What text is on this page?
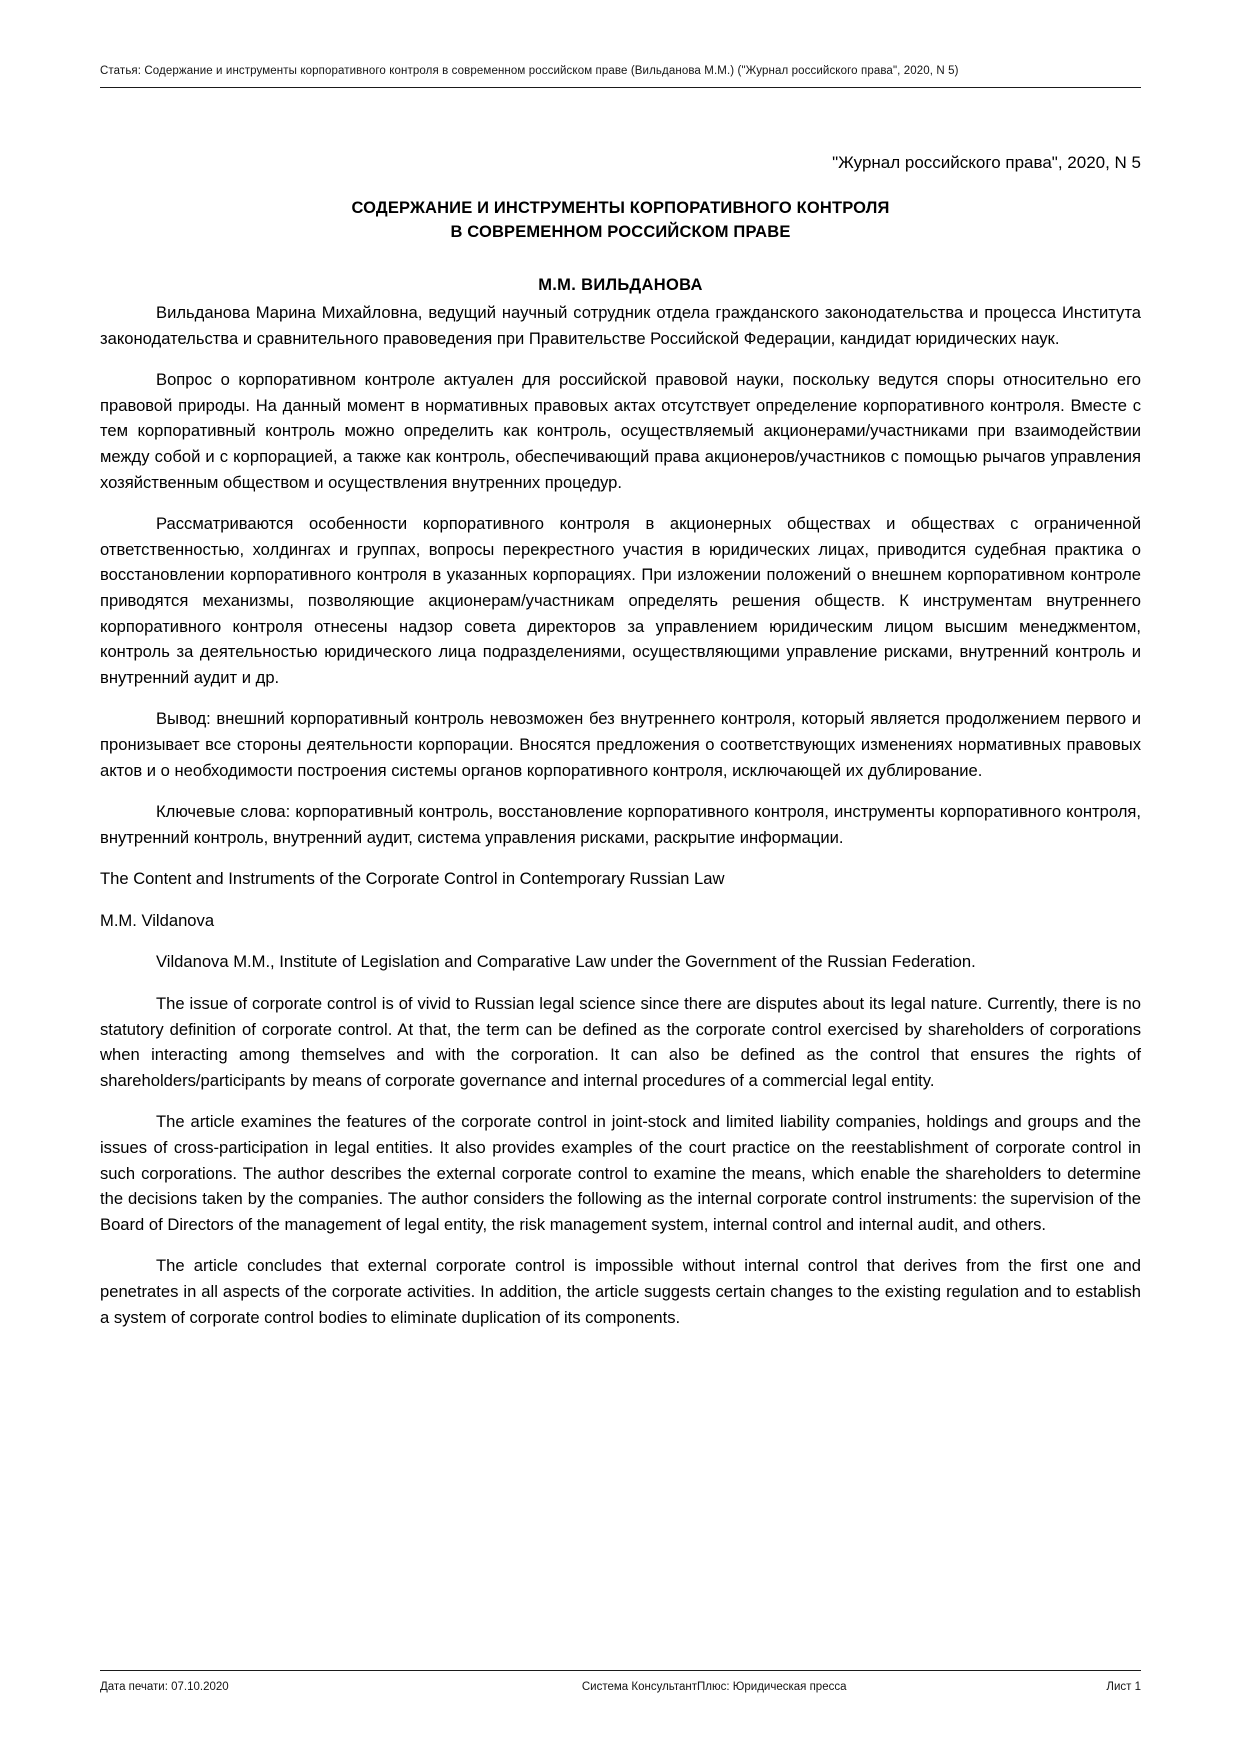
Статья: Содержание и инструменты корпоративного контроля в современном российском праве (Вильданова М.М.) ("Журнал российского права", 2020, N 5)
"Журнал российского права", 2020, N 5
СОДЕРЖАНИЕ И ИНСТРУМЕНТЫ КОРПОРАТИВНОГО КОНТРОЛЯ
В СОВРЕМЕННОМ РОССИЙСКОМ ПРАВЕ
М.М. ВИЛЬДАНОВА

Вильданова Марина Михайловна, ведущий научный сотрудник отдела гражданского законодательства и процесса Института законодательства и сравнительного правоведения при Правительстве Российской Федерации, кандидат юридических наук.

Вопрос о корпоративном контроле актуален для российской правовой науки, поскольку ведутся споры относительно его правовой природы. На данный момент в нормативных правовых актах отсутствует определение корпоративного контроля. Вместе с тем корпоративный контроль можно определить как контроль, осуществляемый акционерами/участниками при взаимодействии между собой и с корпорацией, а также как контроль, обеспечивающий права акционеров/участников с помощью рычагов управления хозяйственным обществом и осуществления внутренних процедур.

Рассматриваются особенности корпоративного контроля в акционерных обществах и обществах с ограниченной ответственностью, холдингах и группах, вопросы перекрестного участия в юридических лицах, приводится судебная практика о восстановлении корпоративного контроля в указанных корпорациях. При изложении положений о внешнем корпоративном контроле приводятся механизмы, позволяющие акционерам/участникам определять решения обществ. К инструментам внутреннего корпоративного контроля отнесены надзор совета директоров за управлением юридическим лицом высшим менеджментом, контроль за деятельностью юридического лица подразделениями, осуществляющими управление рисками, внутренний контроль и внутренний аудит и др.

Вывод: внешний корпоративный контроль невозможен без внутреннего контроля, который является продолжением первого и пронизывает все стороны деятельности корпорации. Вносятся предложения о соответствующих изменениях нормативных правовых актов и о необходимости построения системы органов корпоративного контроля, исключающей их дублирование.

Ключевые слова: корпоративный контроль, восстановление корпоративного контроля, инструменты корпоративного контроля, внутренний контроль, внутренний аудит, система управления рисками, раскрытие информации.

The Content and Instruments of the Corporate Control in Contemporary Russian Law

M.M. Vildanova

Vildanova M.M., Institute of Legislation and Comparative Law under the Government of the Russian Federation.

The issue of corporate control is of vivid to Russian legal science since there are disputes about its legal nature. Currently, there is no statutory definition of corporate control. At that, the term can be defined as the corporate control exercised by shareholders of corporations when interacting among themselves and with the corporation. It can also be defined as the control that ensures the rights of shareholders/participants by means of corporate governance and internal procedures of a commercial legal entity.

The article examines the features of the corporate control in joint-stock and limited liability companies, holdings and groups and the issues of cross-participation in legal entities. It also provides examples of the court practice on the reestablishment of corporate control in such corporations. The author describes the external corporate control to examine the means, which enable the shareholders to determine the decisions taken by the companies. The author considers the following as the internal corporate control instruments: the supervision of the Board of Directors of the management of legal entity, the risk management system, internal control and internal audit, and others.

The article concludes that external corporate control is impossible without internal control that derives from the first one and penetrates in all aspects of the corporate activities. In addition, the article suggests certain changes to the existing regulation and to establish a system of corporate control bodies to eliminate duplication of its components.

Дата печати: 07.10.2020	Система КонсультантПлюс: Юридическая пресса	Лист 1
